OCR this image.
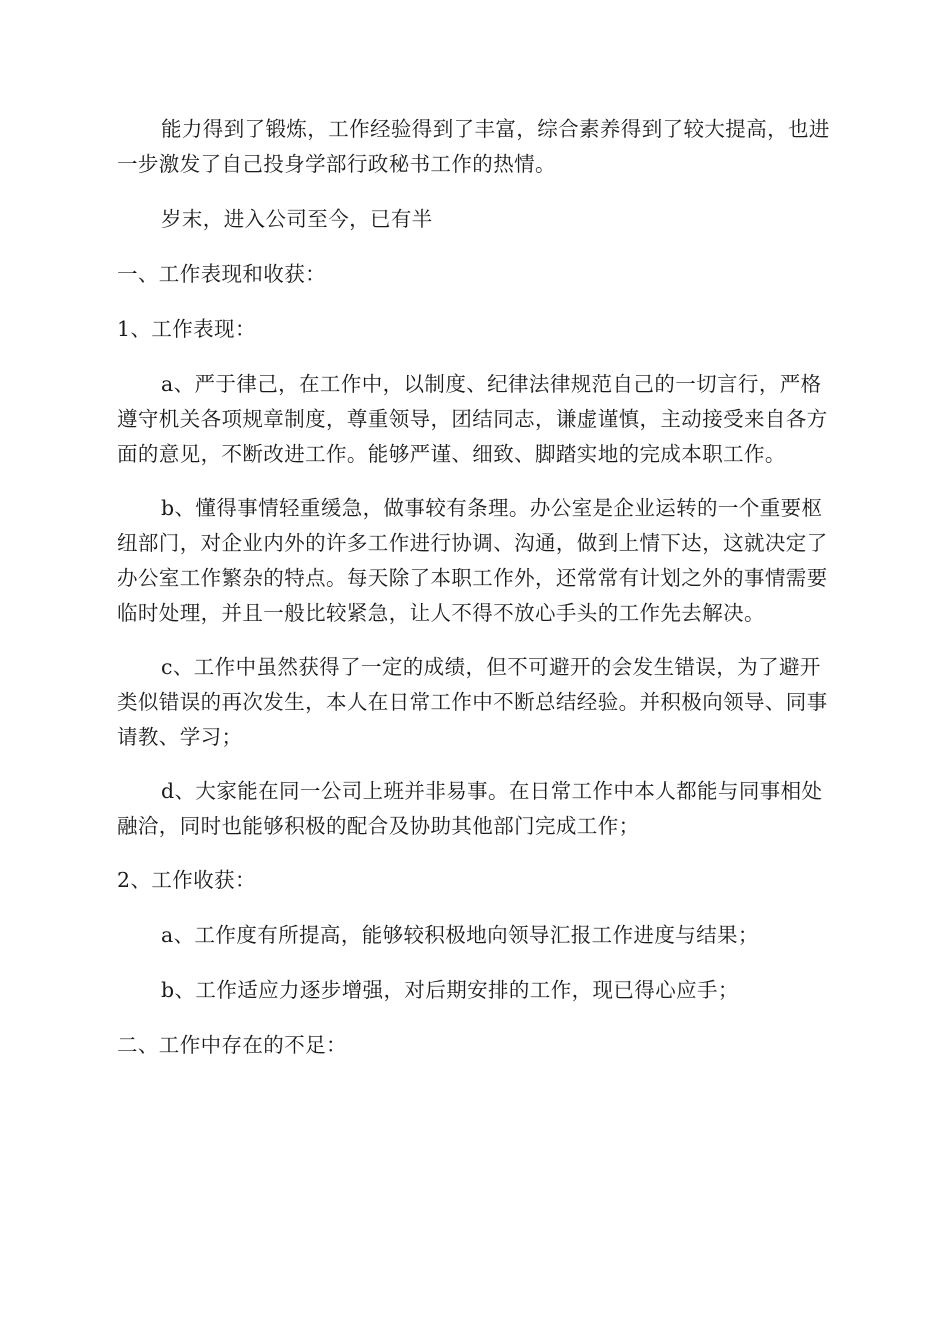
能力得到了锻炼，工作经验得到了丰富，综合素养得到了较大提高，也进一步激发了自己投身学部行政秘书工作的热情。

岁末，进入公司至今，已有半

一、工作表现和收获：

1、工作表现：

a、严于律己，在工作中，以制度、纪律法律规范自己的一切言行，严格遵守机关各项规章制度，尊重领导，团结同志，谦虚谨慎，主动接受来自各方面的意见，不断改进工作。能够严谨、细致、脚踏实地的完成本职工作。

b、懂得事情轻重缓急，做事较有条理。办公室是企业运转的一个重要枢纽部门，对企业内外的许多工作进行协调、沟通，做到上情下达，这就决定了办公室工作繁杂的特点。每天除了本职工作外，还常常有计划之外的事情需要临时处理，并且一般比较紧急，让人不得不放心手头的工作先去解决。

c、工作中虽然获得了一定的成绩，但不可避开的会发生错误，为了避开类似错误的再次发生，本人在日常工作中不断总结经验。并积极向领导、同事请教、学习；

d、大家能在同一公司上班并非易事。在日常工作中本人都能与同事相处融洽，同时也能够积极的配合及协助其他部门完成工作；

2、工作收获：

a、工作度有所提高，能够较积极地向领导汇报工作进度与结果；

b、工作适应力逐步增强，对后期安排的工作，现已得心应手；

二、工作中存在的不足：
